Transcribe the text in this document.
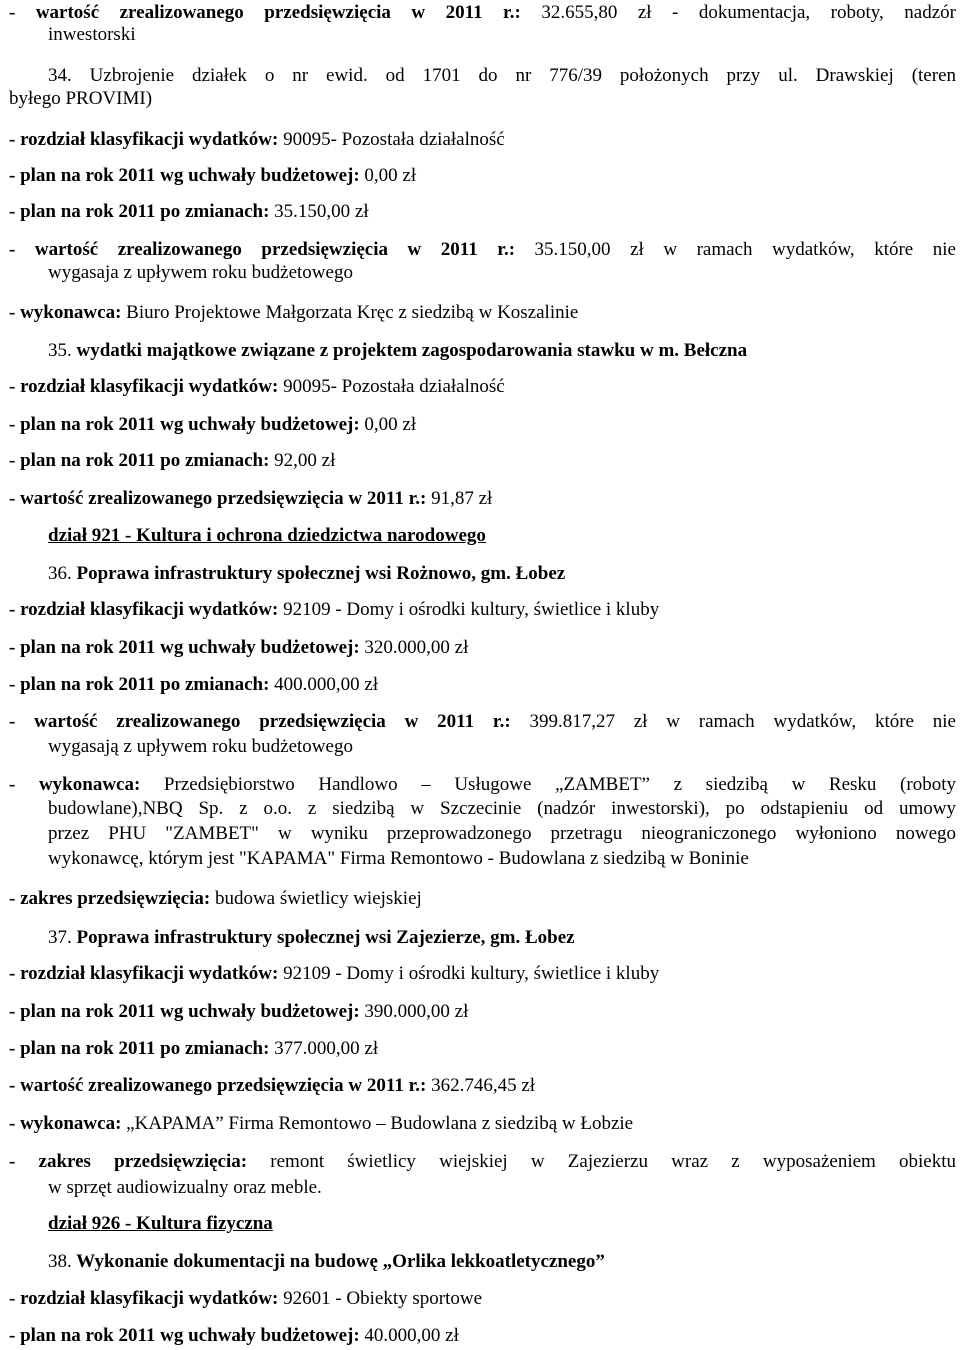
- wartość zrealizowanego przedsięwzięcia w 2011 r.: 32.655,80 zł - dokumentacja, roboty, nadzór
inwestorski
34. Uzbrojenie działek o nr ewid. od 1701 do nr 776/39 położonych przy ul. Drawskiej (teren
byłego PROVIMI)
- rozdział klasyfikacji wydatków: 90095- Pozostała działalność
- plan na rok 2011 wg uchwały budżetowej: 0,00 zł
- plan na rok 2011 po zmianach: 35.150,00 zł
- wartość zrealizowanego przedsięwzięcia w 2011 r.: 35.150,00 zł w ramach wydatków, które nie
wygasaja z upływem roku budżetowego
- wykonawca: Biuro Projektowe Małgorzata Kręc z siedzibą w Koszalinie
35. wydatki majątkowe związane z projektem zagospodarowania stawku w m. Bełczna
- rozdział klasyfikacji wydatków: 90095- Pozostała działalność
- plan na rok 2011 wg uchwały budżetowej: 0,00 zł
- plan na rok 2011 po zmianach: 92,00 zł
- wartość zrealizowanego przedsięwzięcia w 2011 r.: 91,87 zł
dział 921 - Kultura i ochrona dziedzictwa narodowego
36. Poprawa infrastruktury społecznej wsi Rożnowo, gm. Łobez
- rozdział klasyfikacji wydatków: 92109 - Domy i ośrodki kultury, świetlice i kluby
- plan na rok 2011 wg uchwały budżetowej: 320.000,00 zł
- plan na rok 2011 po zmianach: 400.000,00 zł
- wartość zrealizowanego przedsięwzięcia w 2011 r.: 399.817,27 zł w ramach wydatków, które nie
wygasają z upływem roku budżetowego
- wykonawca: Przedsiębiorstwo Handlowo – Usługowe „ZAMBET” z siedzibą w Resku (roboty
budowlane),NBQ Sp. z o.o. z siedzibą w Szczecinie (nadzór inwestorski), po odstapieniu od umowy
przez PHU "ZAMBET" w wyniku przeprowadzonego przetragu nieograniczonego wyłoniono nowego
wykonawcę, którym jest "KAPAMA" Firma Remontowo - Budowlana z siedzibą w Boninie
- zakres przedsięwzięcia: budowa świetlicy wiejskiej
37. Poprawa infrastruktury społecznej wsi Zajezierze, gm. Łobez
- rozdział klasyfikacji wydatków: 92109 - Domy i ośrodki kultury, świetlice i kluby
- plan na rok 2011 wg uchwały budżetowej: 390.000,00 zł
- plan na rok 2011 po zmianach: 377.000,00 zł
- wartość zrealizowanego przedsięwzięcia w 2011 r.: 362.746,45 zł
- wykonawca: „KAPAMA” Firma Remontowo – Budowlana z siedzibą w Łobzie
- zakres przedsięwzięcia: remont świetlicy wiejskiej w Zajezierzu wraz z wyposażeniem obiektu
w sprzęt audiowizualny oraz meble.
dział 926 - Kultura fizyczna
38. Wykonanie dokumentacji na budowę „Orlika lekkoatletycznego”
- rozdział klasyfikacji wydatków: 92601 - Obiekty sportowe
- plan na rok 2011 wg uchwały budżetowej: 40.000,00 zł
